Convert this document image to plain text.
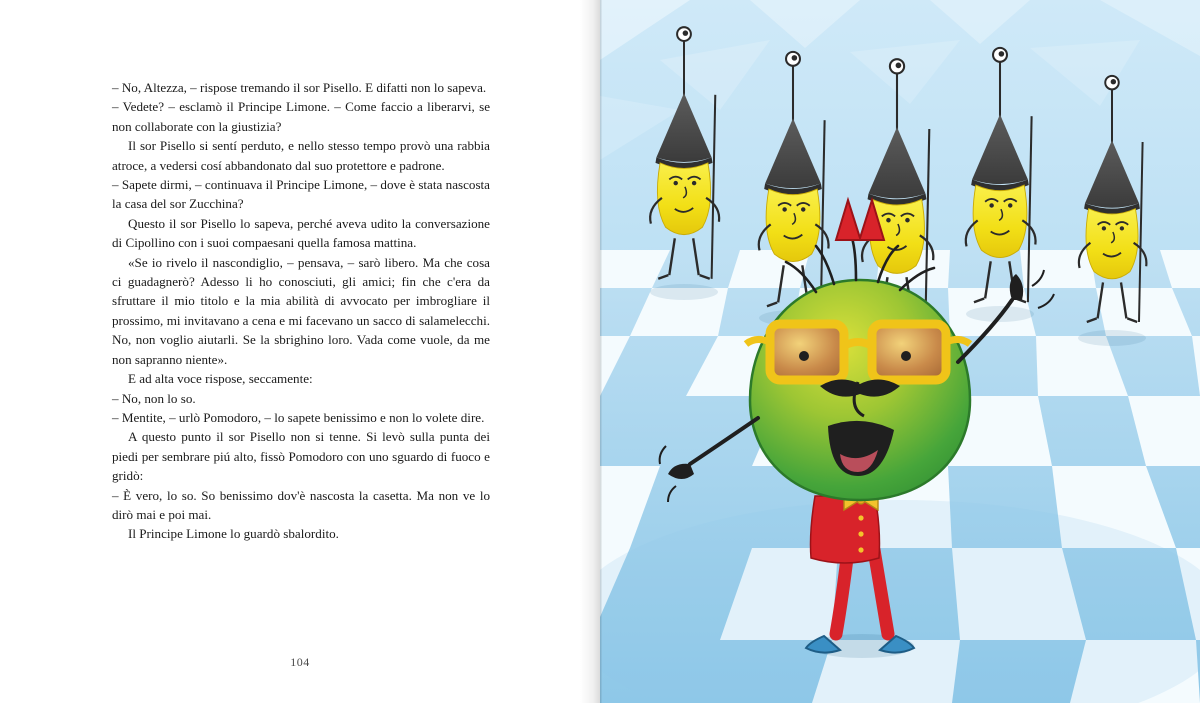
– No, Altezza, – rispose tremando il sor Pisello. E difatti non lo sapeva.

– Vedete? – esclamò il Principe Limone. – Come faccio a liberarvi, se non collaborate con la giustizia?

Il sor Pisello si sentí perduto, e nello stesso tempo provò una rabbia atroce, a vedersi cosí abbandonato dal suo protettore e padrone.

– Sapete dirmi, – continuava il Principe Limone, – dove è stata nascosta la casa del sor Zucchina?

Questo il sor Pisello lo sapeva, perché aveva udito la conversazione di Cipollino con i suoi compaesani quella famosa mattina.

«Se io rivelo il nascondiglio, – pensava, – sarò libero. Ma che cosa ci guadagnerò? Adesso li ho conosciuti, gli amici; fin che c'era da sfruttare il mio titolo e la mia abilità di avvocato per imbrogliare il prossimo, mi invitavano a cena e mi facevano un sacco di salamelecchi. No, non voglio aiutarli. Se la sbrighino loro. Vada come vuole, da me non sapranno niente».

E ad alta voce rispose, seccamente:

– No, non lo so.

– Mentite, – urlò Pomodoro, – lo sapete benissimo e non lo volete dire.

A questo punto il sor Pisello non si tenne. Si levò sulla punta dei piedi per sembrare piú alto, fissò Pomodoro con uno sguardo di fuoco e gridò:

– È vero, lo so. So benissimo dov'è nascosta la casetta. Ma non ve lo dirò mai e poi mai.

Il Principe Limone lo guardò sbalordito.

104
